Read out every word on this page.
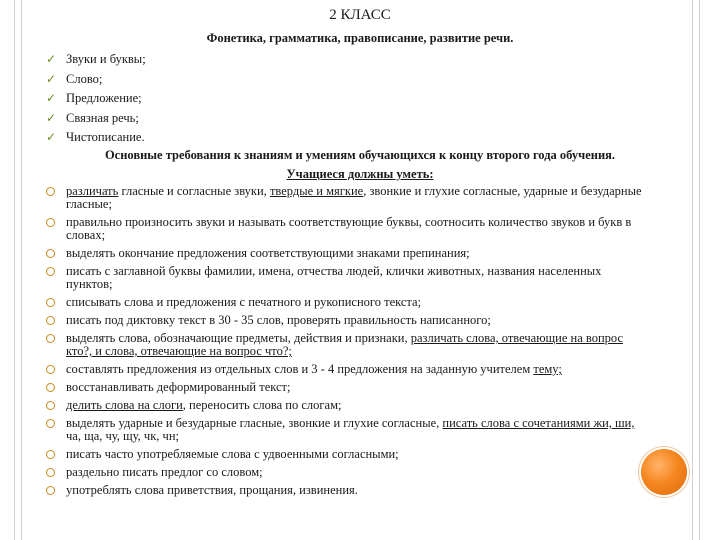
2 КЛАСС
Фонетика, грамматика, правописание, развитие речи.
✓ Звуки и буквы;
✓ Слово;
✓ Предложение;
✓ Связная речь;
✓ Чистописание.
Основные требования к знаниям и умениям обучающихся к концу второго года обучения.
Учащиеся должны уметь:
различать гласные и согласные звуки, твердые и мягкие, звонкие и глухие согласные, ударные и безударные гласные;
правильно произносить звуки и называть соответствующие буквы, соотносить количество звуков и букв в словах;
выделять окончание предложения соответствующими знаками препинания;
писать с заглавной буквы фамилии, имена, отчества людей, клички животных, названия населенных пунктов;
списывать слова и предложения с печатного и рукописного текста;
писать под диктовку текст в 30 - 35 слов, проверять правильность написанного;
выделять слова, обозначающие предметы, действия и признаки, различать слова, отвечающие на вопрос кто?, и слова, отвечающие на вопрос что?;
составлять предложения из отдельных слов и 3 - 4 предложения на заданную учителем тему;
восстанавливать деформированный текст;
делить слова на слоги, переносить слова по слогам;
выделять ударные и безударные гласные, звонкие и глухие согласные, писать слова с сочетаниями жи, ши, ча, ща, чу, щу, чк, чн;
писать часто употребляемые слова с удвоенными согласными;
раздельно писать предлог со словом;
употреблять слова приветствия, прощания, извинения.
